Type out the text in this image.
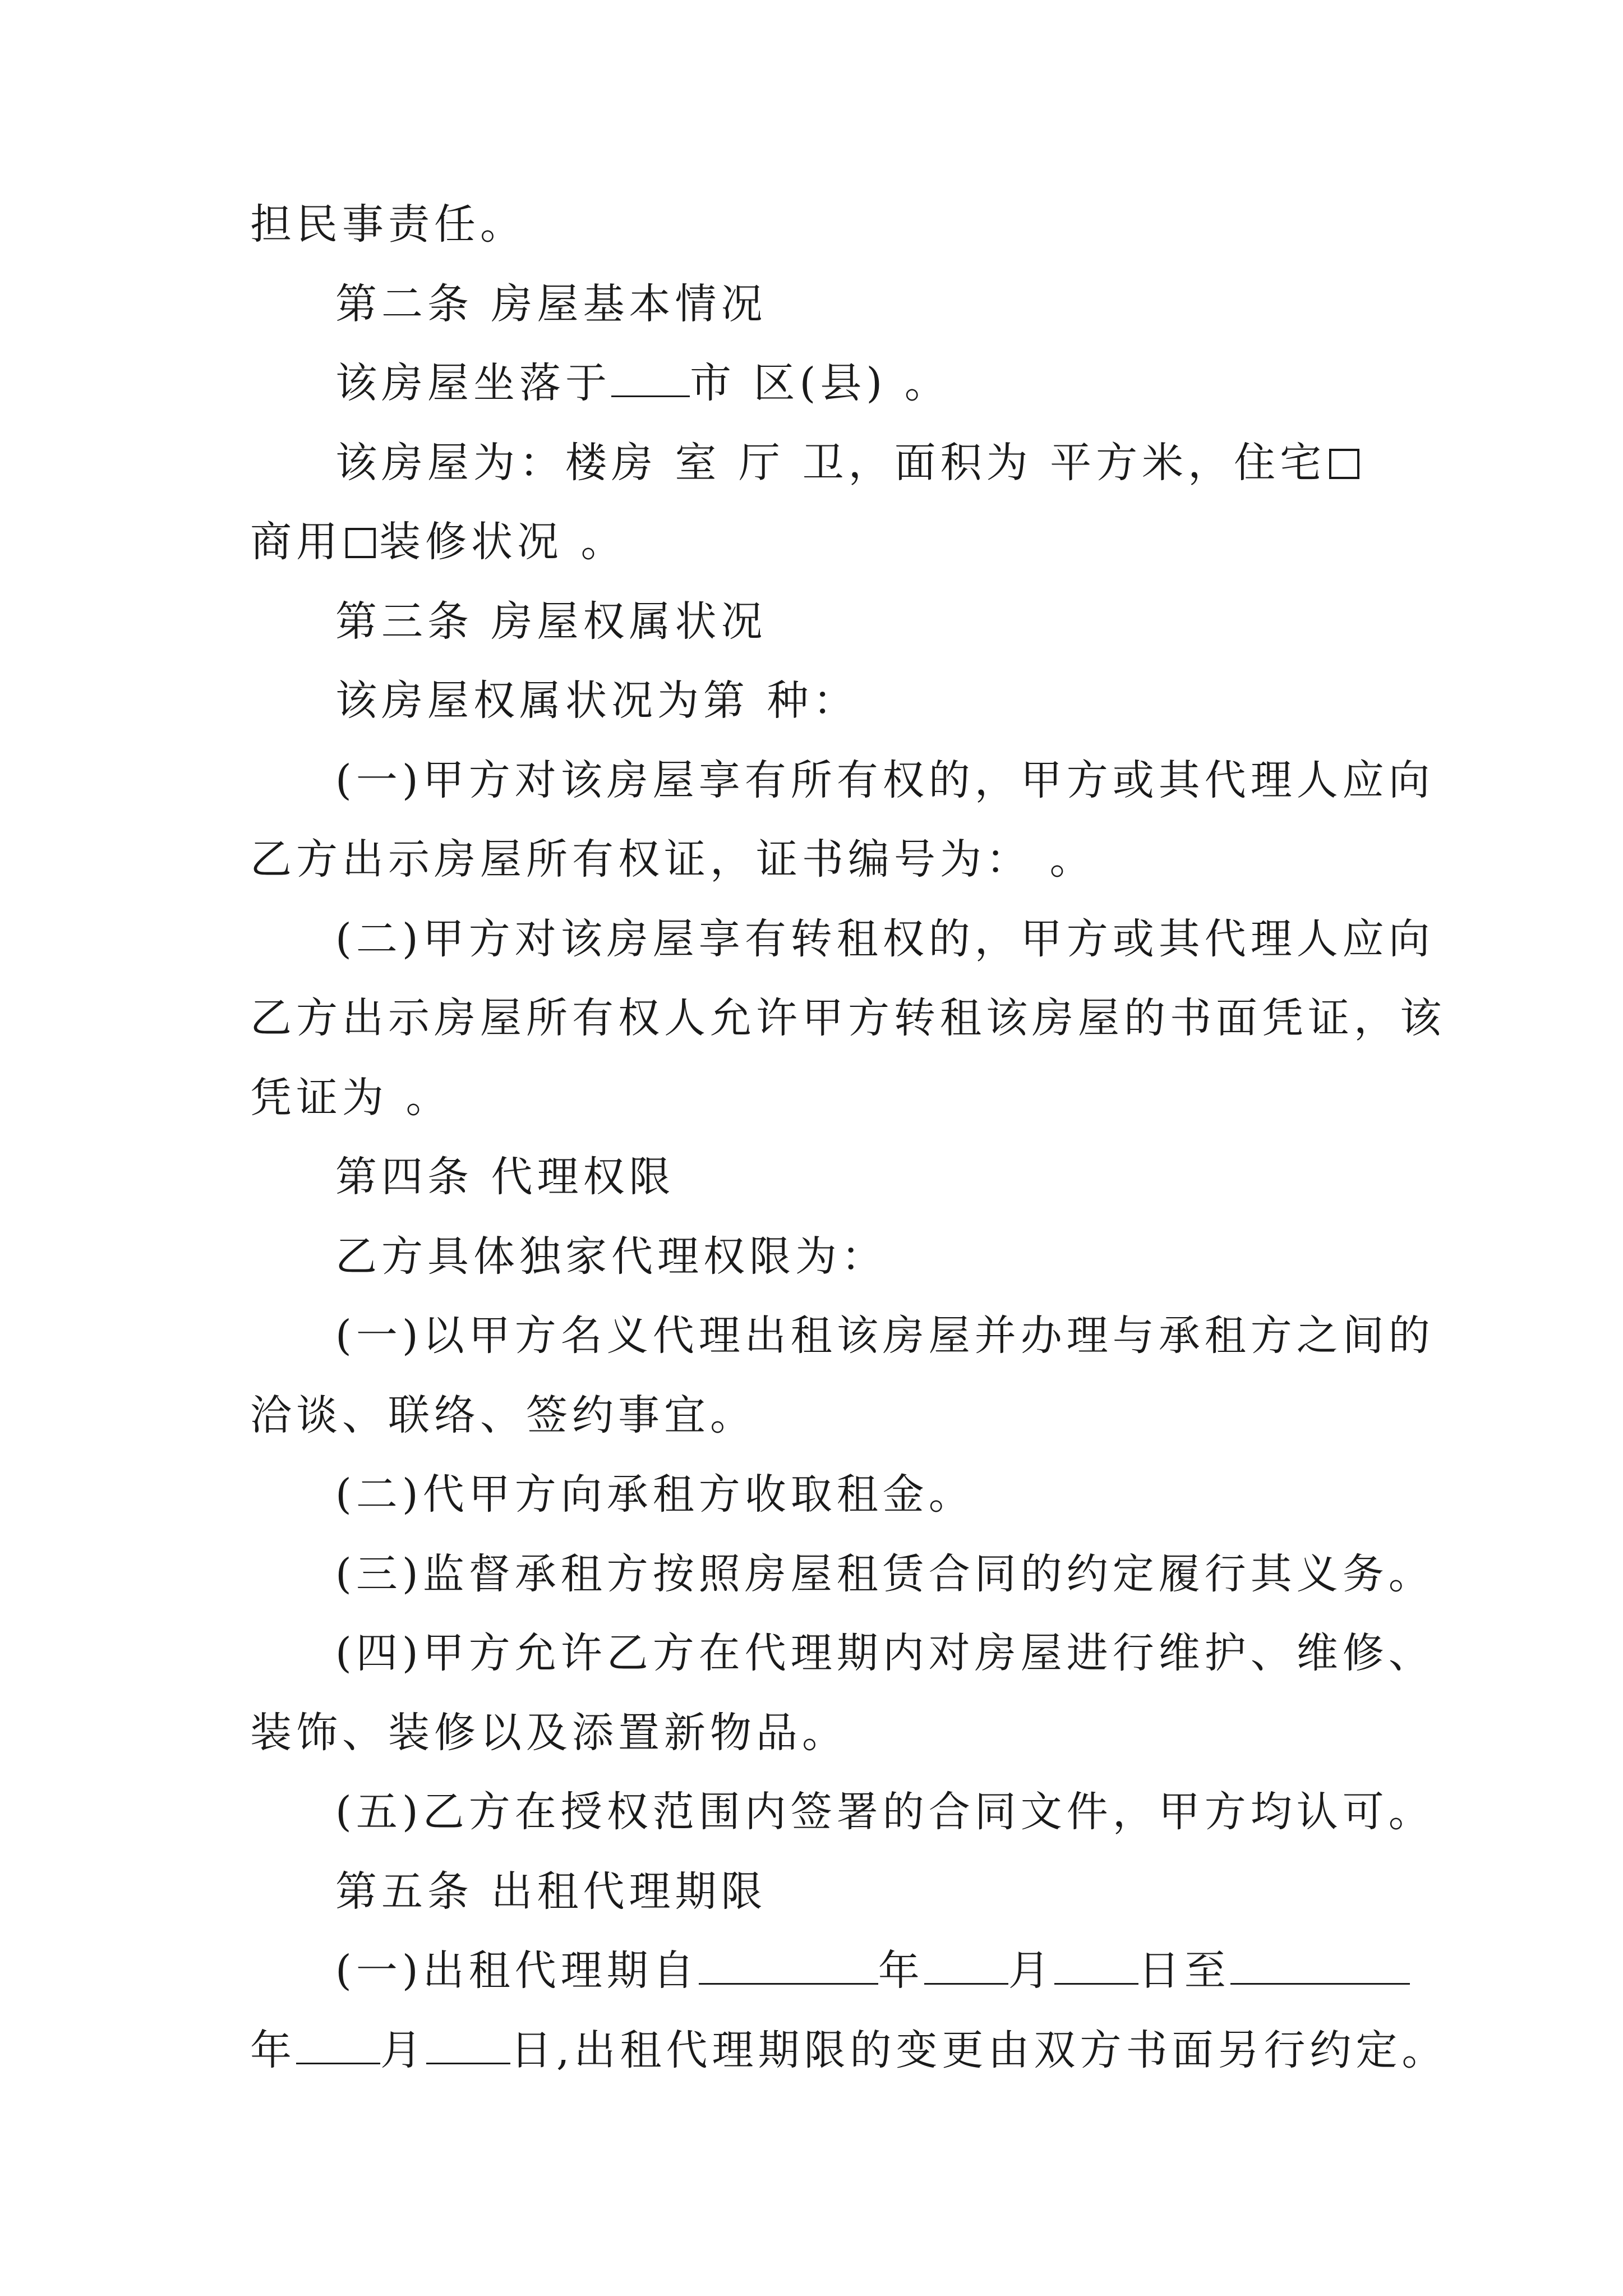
担民事责任。
第二条 房屋基本情况
该房屋坐落于 市 区(县) 。
该房屋为：楼房 室 厅 卫，面积为 平方米，住宅
商用 装修状况 。
第三条 房屋权属状况
该房屋权属状况为第 种：
(一)甲方对该房屋享有所有权的，甲方或其代理人应向
乙方出示房屋所有权证，证书编号为： 。
(二)甲方对该房屋享有转租权的，甲方或其代理人应向
乙方出示房屋所有权人允许甲方转租该房屋的书面凭证，该
凭证为 。
第四条 代理权限
乙方具体独家代理权限为：
(一)以甲方名义代理出租该房屋并办理与承租方之间的
洽谈、联络、签约事宜。
(二)代甲方向承租方收取租金。
(三)监督承租方按照房屋租赁合同的约定履行其义务。
(四)甲方允许乙方在代理期内对房屋进行维护、维修、
装饰、装修以及添置新物品。
(五)乙方在授权范围内签署的合同文件，甲方均认可。
第五条 出租代理期限
(一)出租代理期自	年 月 日至
年 月 日,出租代理期限的变更由双方书面另行约定。
